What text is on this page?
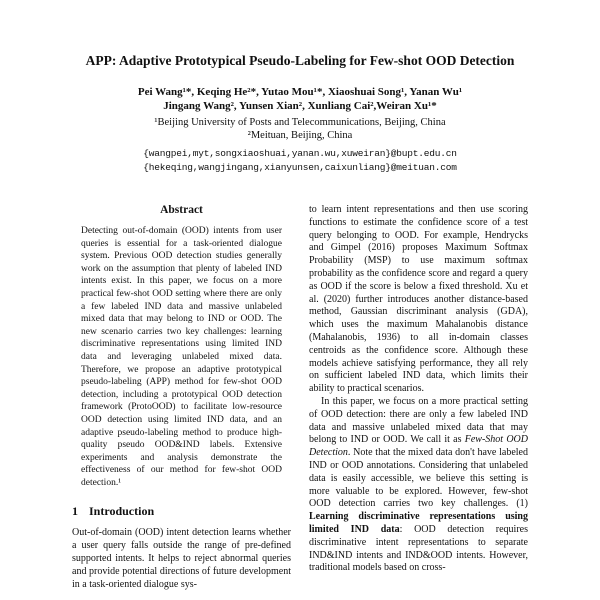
APP: Adaptive Prototypical Pseudo-Labeling for Few-shot OOD Detection
Pei Wang¹*, Keqing He²*, Yutao Mou¹*, Xiaoshuai Song¹, Yanan Wu¹
Jingang Wang², Yunsen Xian², Xunliang Cai²,Weiran Xu¹*
¹Beijing University of Posts and Telecommunications, Beijing, China
²Meituan, Beijing, China
{wangpei,myt,songxiaoshuai,yanan.wu,xuweiran}@bupt.edu.cn
{hekeqing,wangjingang,xianyunsen,caixunliang}@meituan.com
Abstract

Detecting out-of-domain (OOD) intents from user queries is essential for a task-oriented dialogue system. Previous OOD detection studies generally work on the assumption that plenty of labeled IND intents exist. In this paper, we focus on a more practical few-shot OOD setting where there are only a few labeled IND data and massive unlabeled mixed data that may belong to IND or OOD. The new scenario carries two key challenges: learning discriminative representations using limited IND data and leveraging unlabeled mixed data. Therefore, we propose an adaptive prototypical pseudo-labeling (APP) method for few-shot OOD detection, including a prototypical OOD detection framework (ProtoOOD) to facilitate low-resource OOD detection using limited IND data, and an adaptive pseudo-labeling method to produce high-quality pseudo OOD&IND labels. Extensive experiments and analysis demonstrate the effectiveness of our method for few-shot OOD detection.¹

1 Introduction

Out-of-domain (OOD) intent detection learns whether a user query falls outside the range of pre-defined supported intents. It helps to reject abnormal queries and provide potential directions of future development in a task-oriented dialogue sys-

to learn intent representations and then use scoring functions to estimate the confidence score of a test query belonging to OOD. For example, Hendrycks and Gimpel (2016) proposes Maximum Softmax Probability (MSP) to use maximum softmax probability as the confidence score and regard a query as OOD if the score is below a fixed threshold. Xu et al. (2020) further introduces another distance-based method, Gaussian discriminant analysis (GDA), which uses the maximum Mahalanobis distance (Mahalanobis, 1936) to all in-domain classes centroids as the confidence score. Although these models achieve satisfying performance, they all rely on sufficient labeled IND data, which limits their ability to practical scenarios.

In this paper, we focus on a more practical setting of OOD detection: there are only a few labeled IND data and massive unlabeled mixed data that may belong to IND or OOD. We call it as Few-Shot OOD Detection. Note that the mixed data don't have labeled IND or OOD annotations. Considering that unlabeled data is easily accessible, we believe this setting is more valuable to be explored. However, few-shot OOD detection carries two key challenges. (1) Learning discriminative representations using limited IND data: OOD detection requires discriminative intent representations to separate IND&IND intents and IND&OOD intents. However, traditional models based on cross-
